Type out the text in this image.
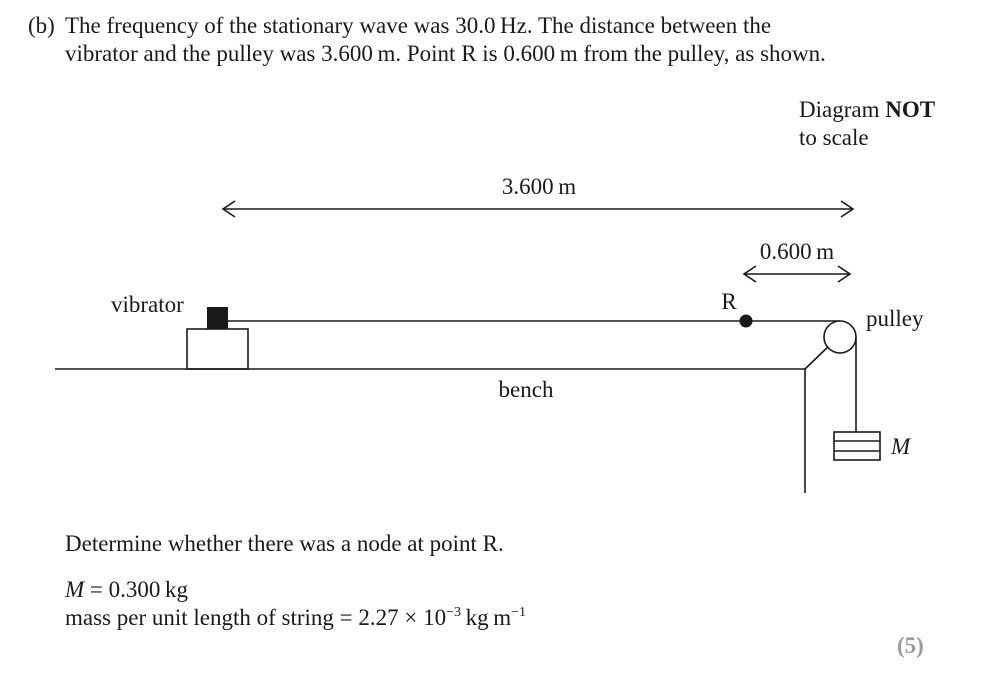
(b) The frequency of the stationary wave was 30.0 Hz. The distance between the
vibrator and the pulley was 3.600 m. Point R is 0.600 m from the pulley, as shown.
Diagram NOT
to scale
3.600 m
0.600 m
vibrator	R
pulley
bench
M
Determine whether there was a node at point R.
M = 0.300 kg
mass per unit length of string = $2.27 \times 10^{-3}$ kg $m^{-1}$
(5)
